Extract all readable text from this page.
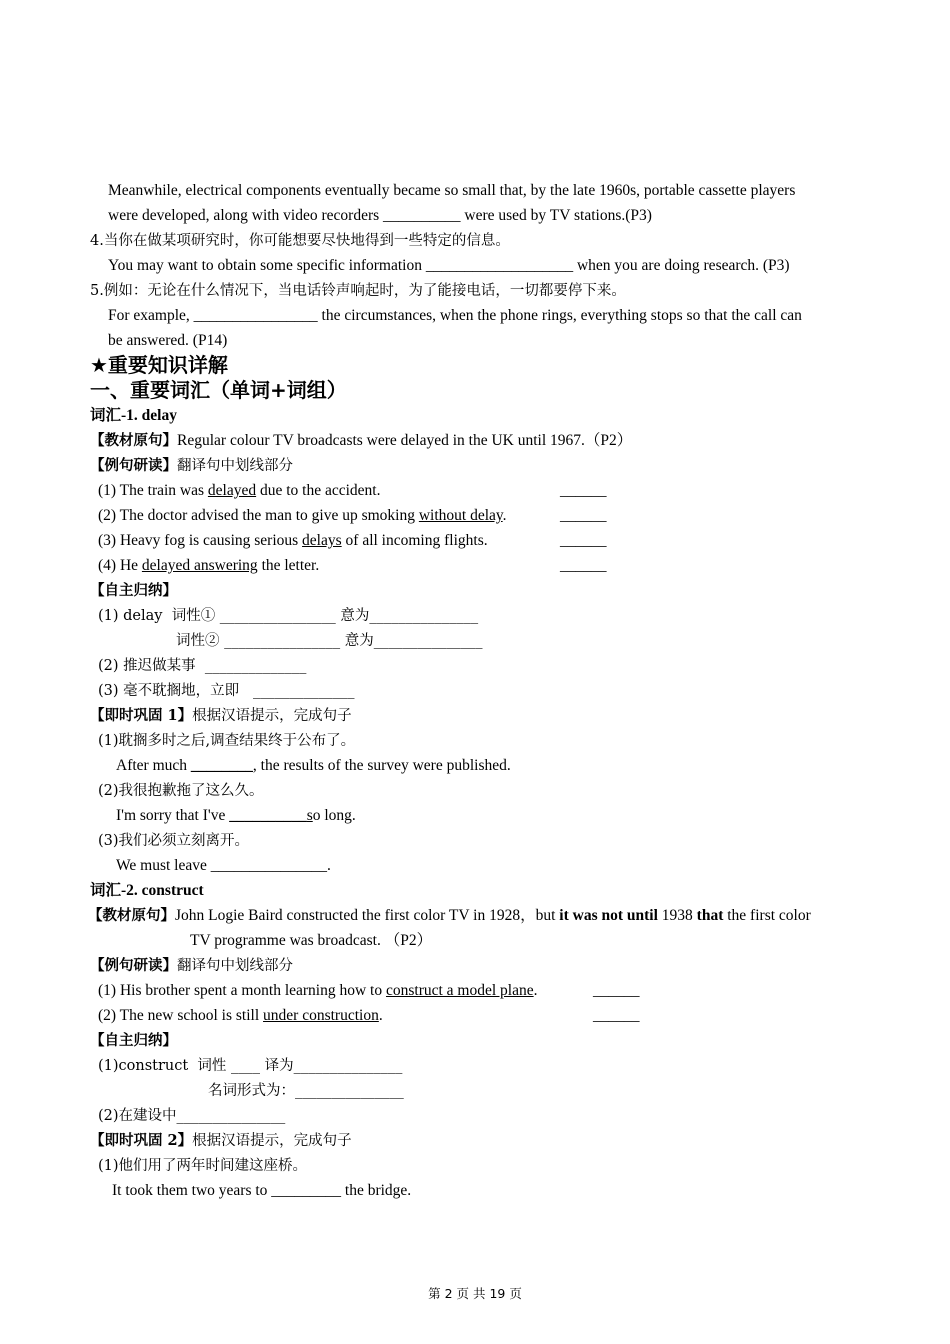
Meanwhile, electrical components eventually became so small that, by the late 1960s, portable cassette players
were developed, along with video recorders __________ were used by TV stations.(P3)
4.当你在做某项研究时，你可能想要尽快地得到一些特定的信息。
You may want to obtain some specific information ___________________ when you are doing research. (P3)
5.例如：无论在什么情况下，当电话铃声响起时，为了能接电话，一切都要停下来。
For example, ________________ the circumstances, when the phone rings, everything stops so that the call can
be answered. (P14)
★重要知识详解
一、重要词汇（单词+词组）
词汇-1. delay
【教材原句】Regular colour TV broadcasts were delayed in the UK until 1967.（P2）
【例句研读】翻译句中划线部分
(1) The train was delayed due to the accident.	______
(2) The doctor advised the man to give up smoking without delay.	______
(3) Heavy fog is causing serious delays of all incoming flights.	______
(4) He delayed answering the letter.	______
【自主归纳】
(1) delay  词性① ________________ 意为_______________
词性② ________________ 意为_______________
(2) 推迟做某事  ______________
(3) 毫不耽搁地，立即   ______________
【即时巩固 1】根据汉语提示，完成句子
(1)耽搁多时之后,调查结果终于公布了。
After much ________, the results of the survey were published.
(2)我很抱歉拖了这么久。
I'm sorry that I've __________so long.
(3)我们必须立刻离开。
We must leave _______________.
词汇-2. construct
【教材原句】John Logie Baird constructed the first color TV in 1928，but it was not until 1938 that the first color
TV programme was broadcast. （P2）
【例句研读】翻译句中划线部分
(1) His brother spent a month learning how to construct a model plane.	______
(2) The new school is still under construction.	______
【自主归纳】
(1)construct  词性 ____ 译为_______________
名词形式为：_______________
(2)在建设中_______________
【即时巩固 2】根据汉语提示，完成句子
(1)他们用了两年时间建这座桥。
It took them two years to _________ the bridge.
第 2 页 共 19 页
